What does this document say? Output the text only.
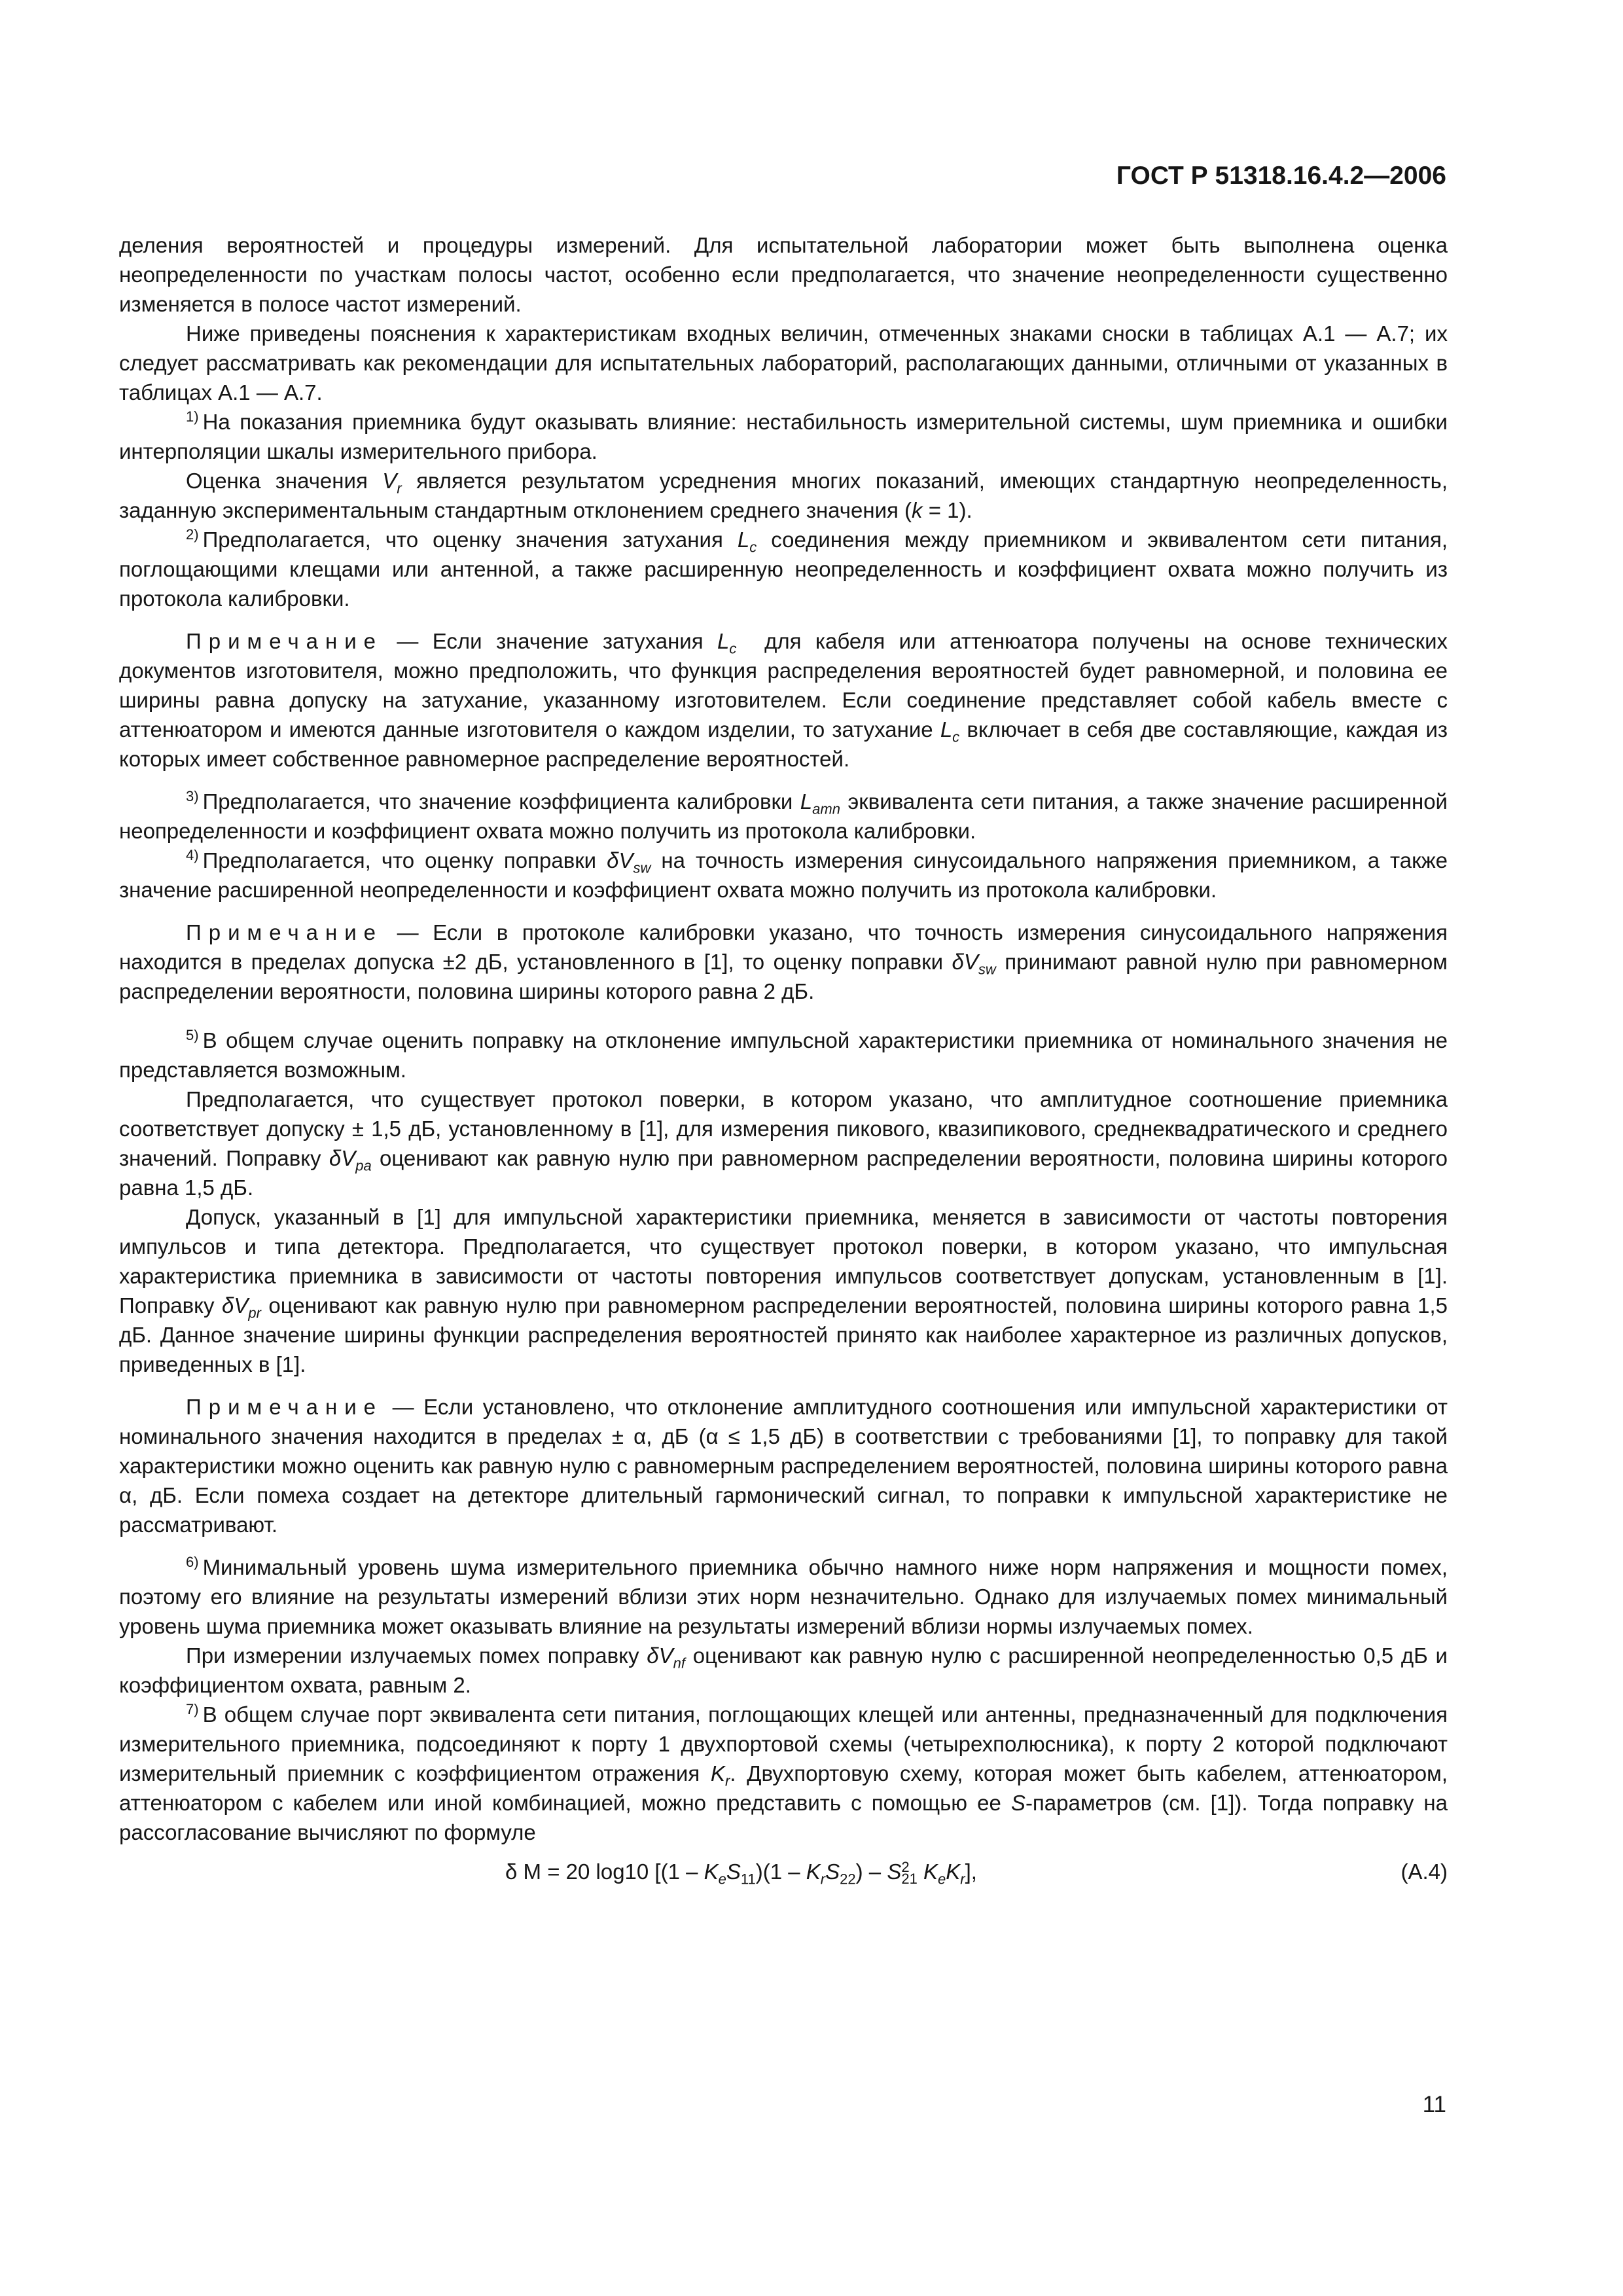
ГОСТ Р 51318.16.4.2—2006

деления вероятностей и процедуры измерений. Для испытательной лаборатории может быть выполнена оценка неопределенности по участкам полосы частот, особенно если предполагается, что значение неопределенности существенно изменяется в полосе частот измерений.

Ниже приведены пояснения к характеристикам входных величин, отмеченных знаками сноски в таблицах А.1 — А.7; их следует рассматривать как рекомендации для испытательных лабораторий, располагающих данными, отличными от указанных в таблицах А.1 — А.7.

$^{1)}$ На показания приемника будут оказывать влияние: нестабильность измерительной системы, шум приемника и ошибки интерполяции шкалы измерительного прибора.

Оценка значения $V_r$ является результатом усреднения многих показаний, имеющих стандартную неопределенность, заданную экспериментальным стандартным отклонением среднего значения (k = 1).

$^{2)}$ Предполагается, что оценку значения затухания $L_c$ соединения между приемником и эквивалентом сети питания, поглощающими клещами или антенной, а также расширенную неопределенность и коэффициент охвата можно получить из протокола калибровки.

Примечание — Если значение затухания $L_c$ для кабеля или аттенюатора получены на основе технических документов изготовителя, можно предположить, что функция распределения вероятностей будет равномерной, и половина ее ширины равна допуску на затухание, указанному изготовителем. Если соединение представляет собой кабель вместе с аттенюатором и имеются данные изготовителя о каждом изделии, то затухание $L_c$ включает в себя две составляющие, каждая из которых имеет собственное равномерное распределение вероятностей.

$^{3)}$ Предполагается, что значение коэффициента калибровки $L_{amn}$ эквивалента сети питания, а также значение расширенной неопределенности и коэффициент охвата можно получить из протокола калибровки.

$^{4)}$ Предполагается, что оценку поправки $\delta V_{sw}$ на точность измерения синусоидального напряжения приемником, а также значение расширенной неопределенности и коэффициент охвата можно получить из протокола калибровки.

Примечание — Если в протоколе калибровки указано, что точность измерения синусоидального напряжения находится в пределах допуска ±2 дБ, установленного в [1], то оценку поправки $\delta V_{sw}$ принимают равной нулю при равномерном распределении вероятности, половина ширины которого равна 2 дБ.

$^{5)}$ В общем случае оценить поправку на отклонение импульсной характеристики приемника от номинального значения не представляется возможным.

Предполагается, что существует протокол поверки, в котором указано, что амплитудное соотношение приемника соответствует допуску ± 1,5 дБ, установленному в [1], для измерения пикового, квазипикового, среднеквадратического и среднего значений. Поправку $\delta V_{pa}$ оценивают как равную нулю при равномерном распределении вероятности, половина ширины которого равна 1,5 дБ.

Допуск, указанный в [1] для импульсной характеристики приемника, меняется в зависимости от частоты повторения импульсов и типа детектора. Предполагается, что существует протокол поверки, в котором указано, что импульсная характеристика приемника в зависимости от частоты повторения импульсов соответствует допускам, установленным в [1]. Поправку $\delta V_{pr}$ оценивают как равную нулю при равномерном распределении вероятностей, половина ширины которого равна 1,5 дБ. Данное значение ширины функции распределения вероятностей принято как наиболее характерное из различных допусков, приведенных в [1].

Примечание — Если установлено, что отклонение амплитудного соотношения или импульсной характеристики от номинального значения находится в пределах ± α, дБ (α ≤ 1,5 дБ) в соответствии с требованиями [1], то поправку для такой характеристики можно оценить как равную нулю с равномерным распределением вероятностей, половина ширины которого равна α, дБ. Если помеха создает на детекторе длительный гармонический сигнал, то поправки к импульсной характеристике не рассматривают.

$^{6)}$ Минимальный уровень шума измерительного приемника обычно намного ниже норм напряжения и мощности помех, поэтому его влияние на результаты измерений вблизи этих норм незначительно. Однако для излучаемых помех минимальный уровень шума приемника может оказывать влияние на результаты измерений вблизи нормы излучаемых помех.

При измерении излучаемых помех поправку $\delta V_{nf}$ оценивают как равную нулю с расширенной неопределенностью 0,5 дБ и коэффициентом охвата, равным 2.

$^{7)}$ В общем случае порт эквивалента сети питания, поглощающих клещей или антенны, предназначенный для подключения измерительного приемника, подсоединяют к порту 1 двухпортовой схемы (четырехполюсника), к порту 2 которой подключают измерительный приемник с коэффициентом отражения $K_r$. Двухпортовую схему, которая может быть кабелем, аттенюатором, аттенюатором с кабелем или иной комбинацией, можно представить с помощью ее S-параметров (см. [1]). Тогда поправку на рассогласование вычисляют по формуле

δ M = 20 log10 [$(1 - K_eS_{11})(1 - K_rS_{22})$ – S 2
21 $K_eK_r$],	(А.4)
11
